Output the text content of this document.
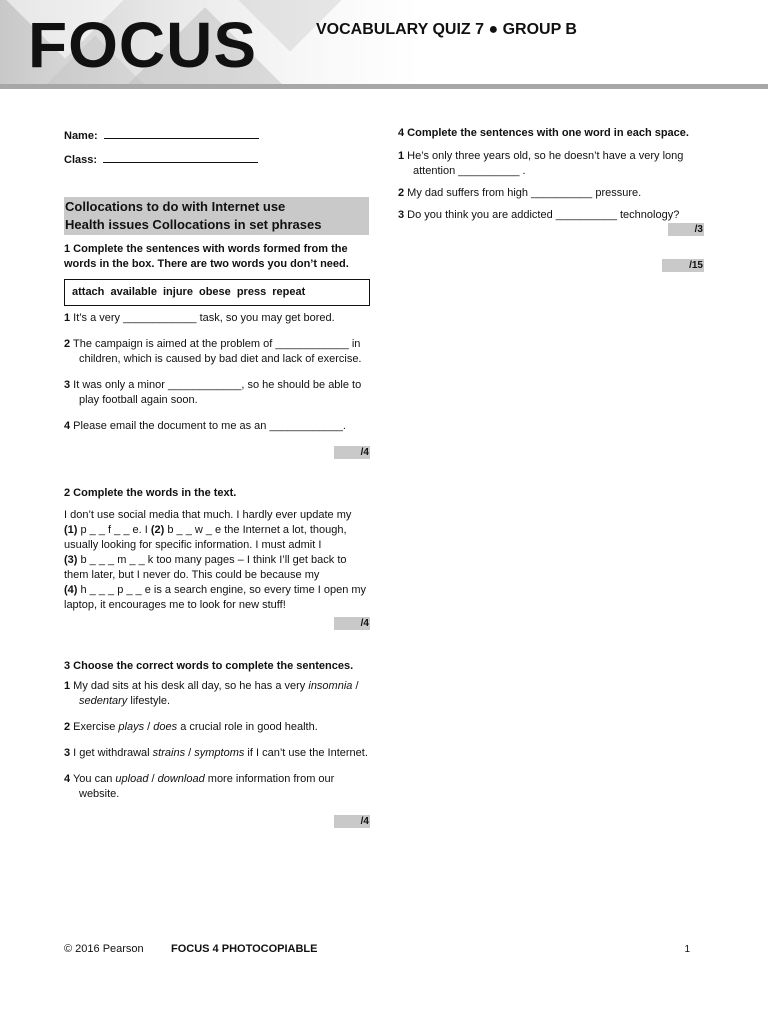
FOCUS	VOCABULARY QUIZ 7 ● GROUP B
Name:
Class:
Collocations to do with Internet use
Health issues Collocations in set phrases
1 Complete the sentences with words formed from the words in the box. There are two words you don’t need.
attach available injure obese press repeat
1 It’s a very ____________ task, so you may get bored.
2 The campaign is aimed at the problem of ____________ in children, which is caused by bad diet and lack of exercise.
3 It was only a minor ____________, so he should be able to play football again soon.
4 Please email the document to me as an ____________.
/4
2 Complete the words in the text.
I don’t use social media that much. I hardly ever update my
(1) p _ _ f _ _ e. I (2) b _ _ w _ e the Internet a lot, though, usually looking for specific information. I must admit I
(3) b _ _ _ m _ _ k too many pages – I think I’ll get back to them later, but I never do. This could be because my
(4) h _ _ _ p _ _ e is a search engine, so every time I open my laptop, it encourages me to look for new stuff!
/4
3 Choose the correct words to complete the sentences.
1 My dad sits at his desk all day, so he has a very insomnia / sedentary lifestyle.
2 Exercise plays / does a crucial role in good health.
3 I get withdrawal strains / symptoms if I can’t use the Internet.
4 You can upload / download more information from our website.
/4
4 Complete the sentences with one word in each space.
1 He’s only three years old, so he doesn’t have a very long attention __________ .
2 My dad suffers from high __________ pressure.
3 Do you think you are addicted __________ technology?
/3
/15
© 2016 Pearson FOCUS 4 PHOTOCOPIABLE	1
